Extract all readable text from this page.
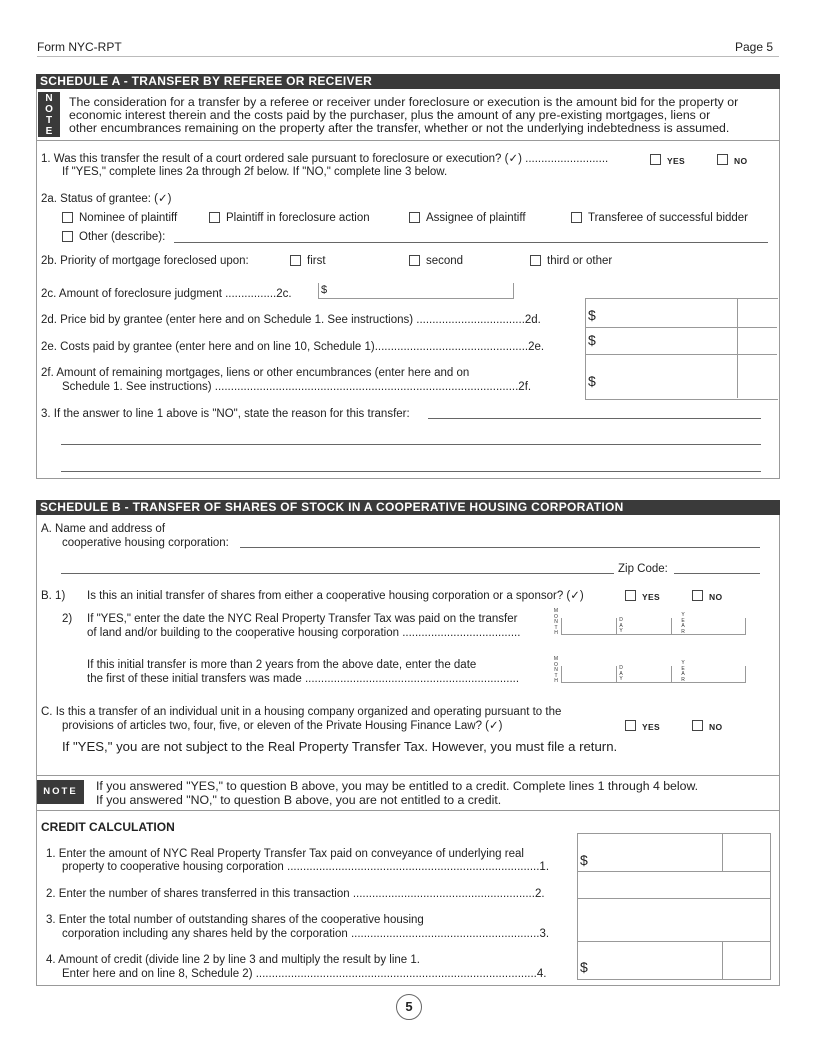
Form NYC-RPT	Page 5
SCHEDULE A - TRANSFER BY REFEREE OR RECEIVER
N
O
T
E
The consideration for a transfer by a referee or receiver under foreclosure or execution is the amount bid for the property or
economic interest therein and the costs paid by the purchaser, plus the amount of any pre-existing mortgages, liens or
other encumbrances remaining on the property after the transfer, whether or not the underlying indebtedness is assumed.
1. Was this transfer the result of a court ordered sale pursuant to foreclosure or execution? (✓) ..........................
If "YES," complete lines 2a through 2f below. If "NO," complete line 3 below.
YES	NO
2a. Status of grantee: (✓)
Nominee of plaintiff	Plaintiff in foreclosure action	Assignee of plaintiff	Transferee of successful bidder
Other (describe):
2b. Priority of mortgage foreclosed upon:	first	second	third or other
2c. Amount of foreclosure judgment ................2c.	$
2d. Price bid by grantee (enter here and on Schedule 1. See instructions) ..................................2d.	$
2e. Costs paid by grantee (enter here and on line 10, Schedule 1)................................................2e.	$
2f. Amount of remaining mortgages, liens or other encumbrances (enter here and on
Schedule 1. See instructions) ...............................................................................................2f.	$
3. If the answer to line 1 above is "NO", state the reason for this transfer:
SCHEDULE B - TRANSFER OF SHARES OF STOCK IN A COOPERATIVE HOUSING CORPORATION
A. Name and address of
cooperative housing corporation:
Zip Code:
B. 1) Is this an initial transfer of shares from either a cooperative housing corporation or a sponsor? (✓)	YES	NO
2) If "YES," enter the date the NYC Real Property Transfer Tax was paid on the transfer
of land and/or building to the cooperative housing corporation .....................................
M
O
N
T
H
D
A
Y
Y
E
A
R
If this initial transfer is more than 2 years from the above date, enter the date
the first of these initial transfers was made ...................................................................
M
O
N
T
H
D
A
Y
Y
E
A
R
C. Is this a transfer of an individual unit in a housing company organized and operating pursuant to the
provisions of articles two, four, five, or eleven of the Private Housing Finance Law? (✓)	YES	NO
If "YES," you are not subject to the Real Property Transfer Tax. However, you must file a return.
NOTE	If you answered "YES," to question B above, you may be entitled to a credit. Complete lines 1 through 4 below.
If you answered "NO," to question B above, you are not entitled to a credit.
CREDIT CALCULATION
1. Enter the amount of NYC Real Property Transfer Tax paid on conveyance of underlying real
property to cooperative housing corporation ...............................................................................1. $
2. Enter the number of shares transferred in this transaction .........................................................2.
3. Enter the total number of outstanding shares of the cooperative housing
corporation including any shares held by the corporation ...........................................................3.
4. Amount of credit (divide line 2 by line 3 and multiply the result by line 1.
Enter here and on line 8, Schedule 2) ........................................................................................4. $
5
